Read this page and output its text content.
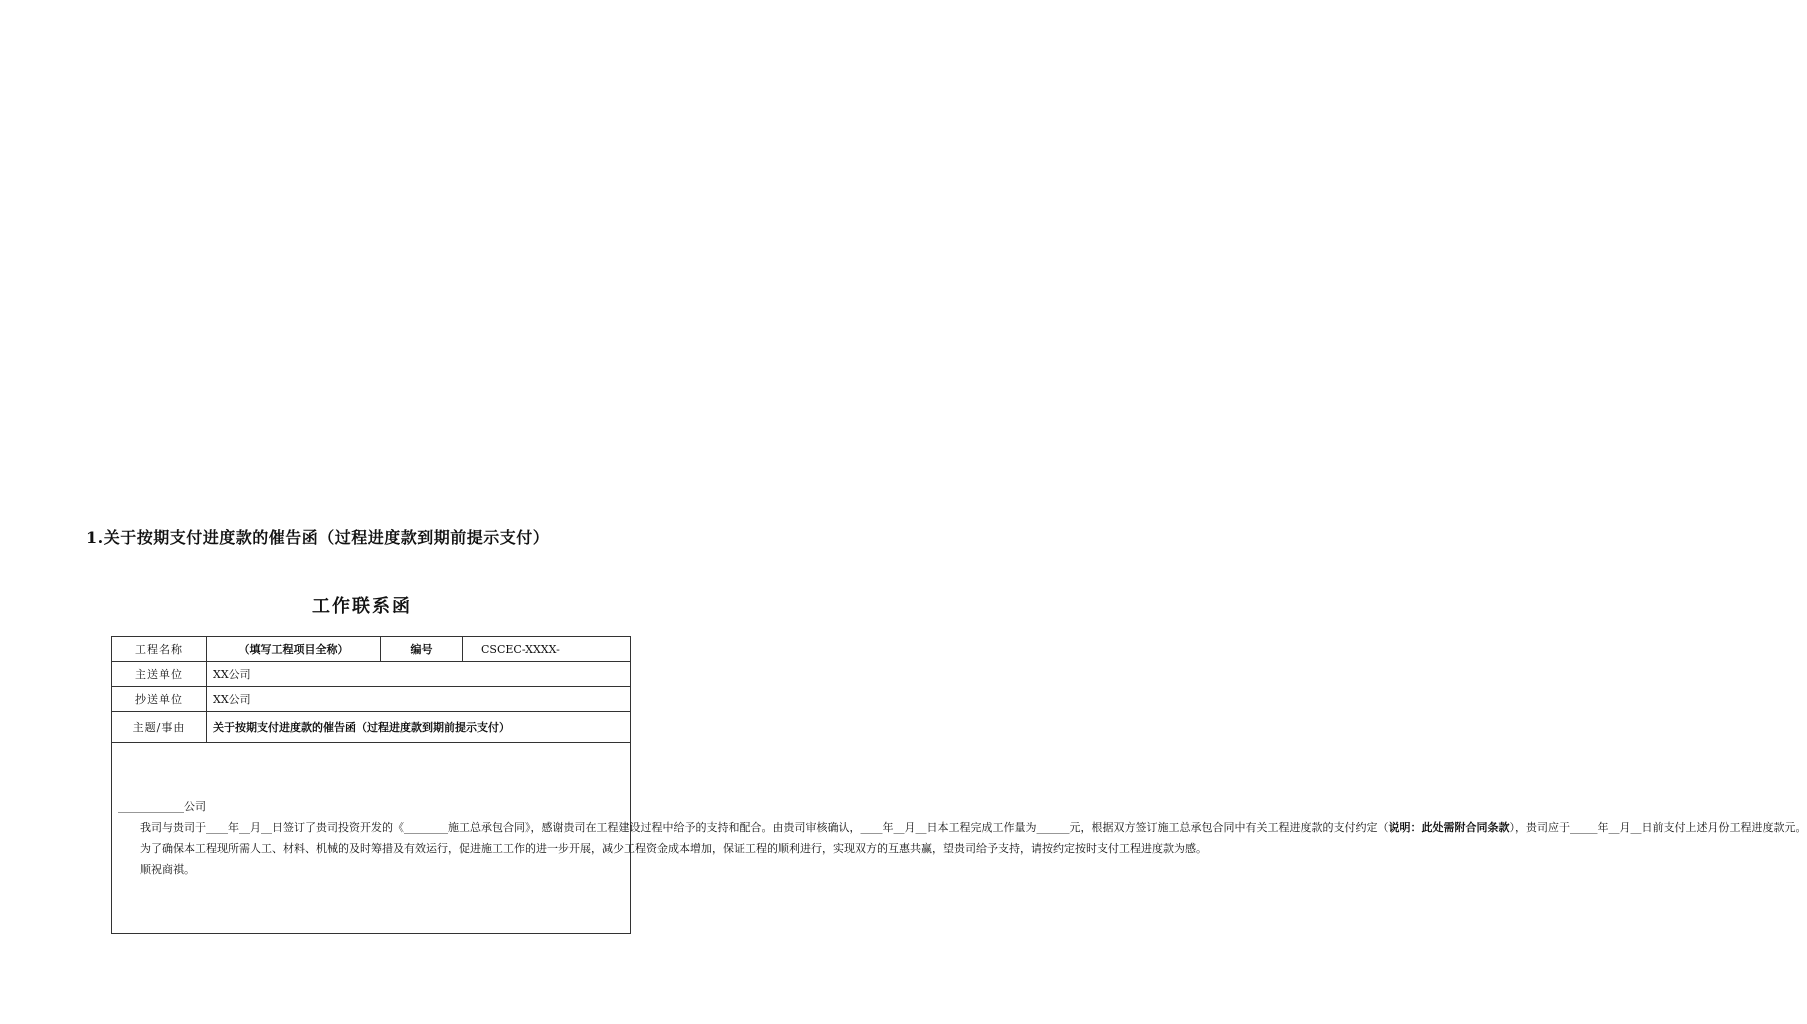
1.关于按期支付进度款的催告函（过程进度款到期前提示支付）
工作联系函
工程名称	（填写工程项目全称）	编号	CSCEC-XXXX-
主送单位	XX公司		
抄送单位	XX公司		
主题/事由	关于按期支付进度款的催告函（过程进度款到期前提示支付）		

____________公司

我司与贵司于____年__月__日签订了贵司投资开发的《________施工总承包合同》，感谢贵司在工程建设过程中给予的支持和配合。由贵司审核确认，____年__月__日本工程完成工作量为______元，根据双方签订施工总承包合同中有关工程进度款的支付约定（说明：此处需附合同条款），贵司应于_____年__月__日前支付上述月份工程进度款元。

为了确保本工程现所需人工、材料、机械的及时筹措及有效运行，促进施工工作的进一步开展，减少工程资金成本增加，保证工程的顺利进行，实现双方的互惠共赢，望贵司给予支持，请按约定按时支付工程进度款为感。

顺祝商祺。			
